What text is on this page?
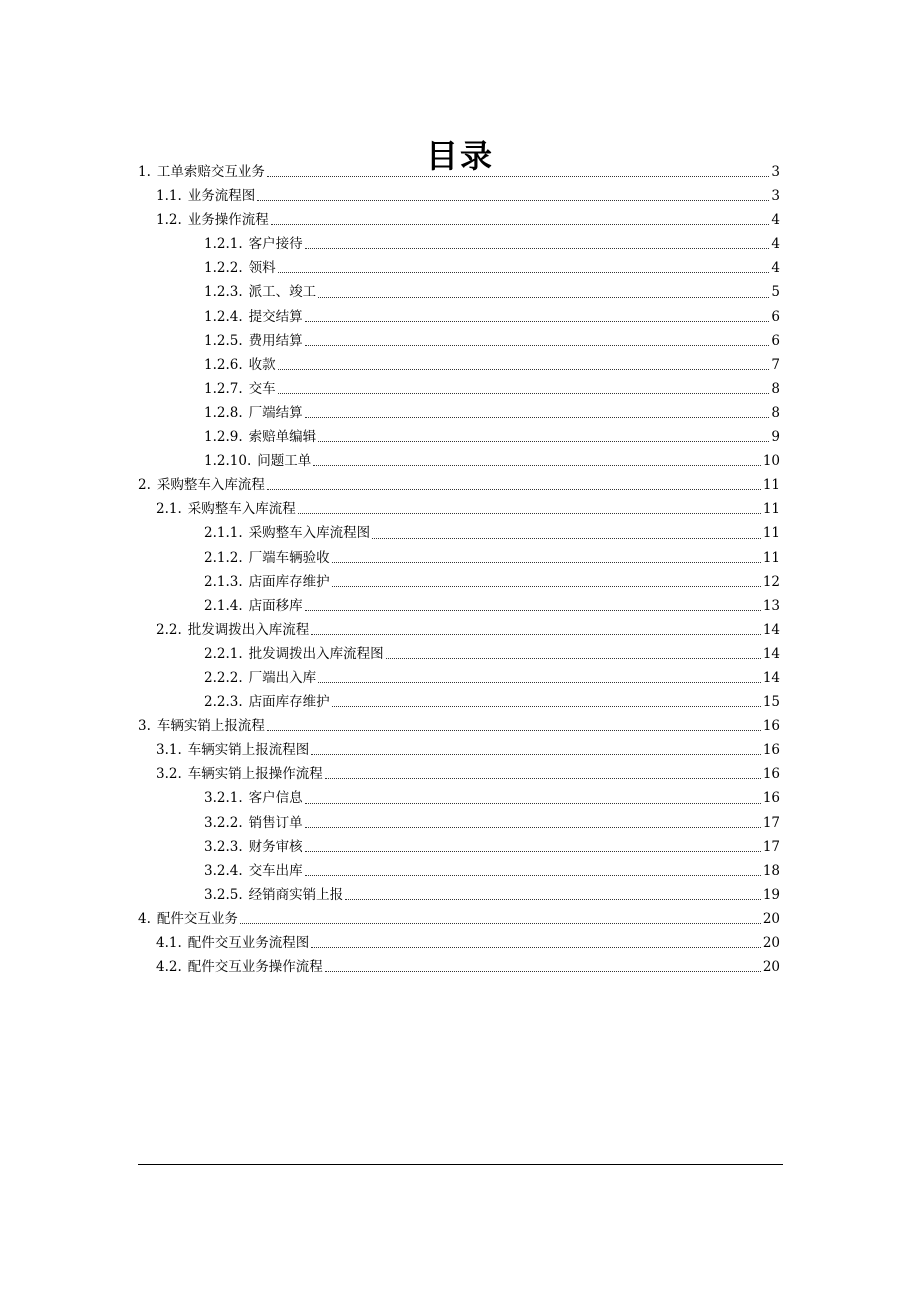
目录
1. 工单索赔交互业务	3
1.1. 业务流程图	3
1.2. 业务操作流程	4
1.2.1. 客户接待	4
1.2.2. 领料	4
1.2.3. 派工、竣工	5
1.2.4. 提交结算	6
1.2.5. 费用结算	6
1.2.6. 收款	7
1.2.7. 交车	8
1.2.8. 厂端结算	8
1.2.9. 索赔单编辑	9
1.2.10. 问题工单	10
2. 采购整车入库流程	11
2.1. 采购整车入库流程	11
2.1.1. 采购整车入库流程图	11
2.1.2. 厂端车辆验收	11
2.1.3. 店面库存维护	12
2.1.4. 店面移库	13
2.2. 批发调拨出入库流程	14
2.2.1. 批发调拨出入库流程图	14
2.2.2. 厂端出入库	14
2.2.3. 店面库存维护	15
3. 车辆实销上报流程	16
3.1. 车辆实销上报流程图	16
3.2. 车辆实销上报操作流程	16
3.2.1. 客户信息	16
3.2.2. 销售订单	17
3.2.3. 财务审核	17
3.2.4. 交车出库	18
3.2.5. 经销商实销上报	19
4. 配件交互业务	20
4.1. 配件交互业务流程图	20
4.2. 配件交互业务操作流程	20
